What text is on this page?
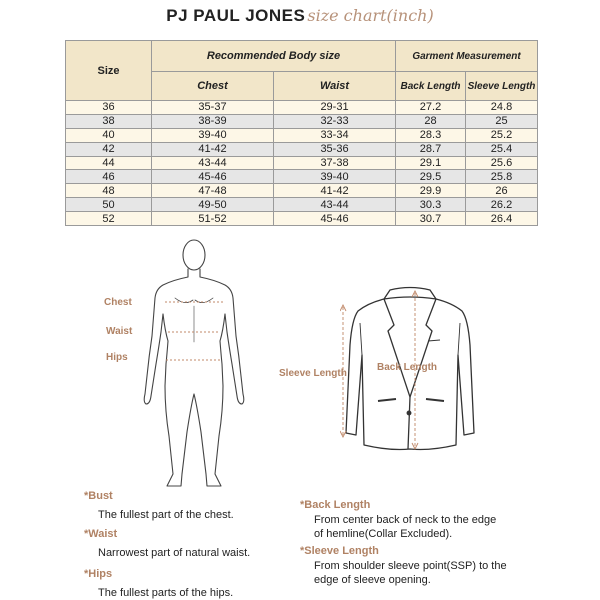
PJ PAUL JONES size chart(inch)
Size	Recommended Body size		Garment Measurement	
	Chest	Waist	Back Length	Sleeve Length
36	35-37	29-31	27.2	24.8
38	38-39	32-33	28	25
40	39-40	33-34	28.3	25.2
42	41-42	35-36	28.7	25.4
44	43-44	37-38	29.1	25.6
46	45-46	39-40	29.5	25.8
48	47-48	41-42	29.9	26
50	49-50	43-44	30.3	26.2
52	51-52	45-46	30.7	26.4
Chest
Waist
Hips
Sleeve Length
Back Length
*Bust
The fullest part of the chest.
*Waist
Narrowest part of natural waist.
*Hips
The fullest parts of the hips.
*Back Length
From center back of neck to the edge
of hemline(Collar Excluded).
*Sleeve Length
From shoulder sleeve point(SSP) to the
edge of sleeve opening.
